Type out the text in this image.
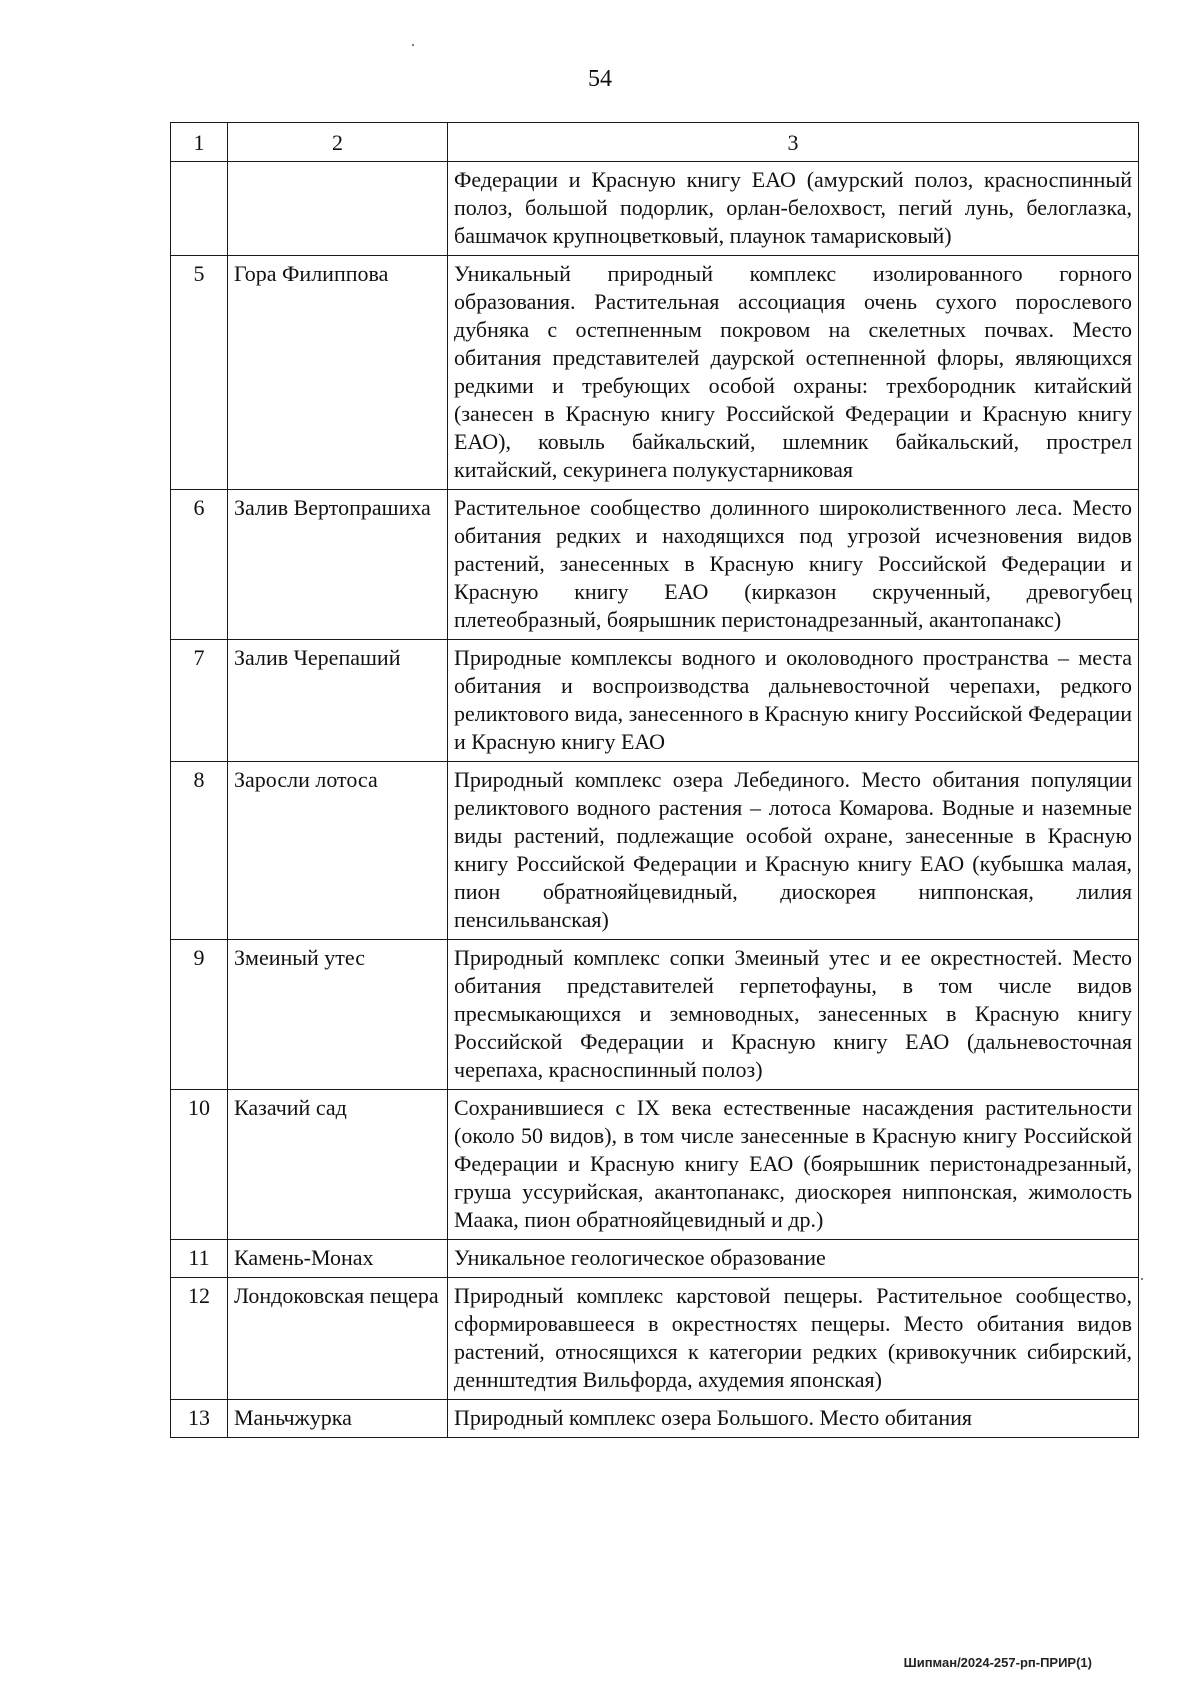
54
1	2	3
		Федерации и Красную книгу ЕАО (амурский полоз, красноспинный полоз, большой подорлик, орлан-белохвост, пегий лунь, белоглазка, башмачок крупноцветковый, плаунок тамарисковый)
5	Гора Филиппова	Уникальный природный комплекс изолированного горного образования. Растительная ассоциация очень сухого порослевого дубняка с остепненным покровом на скелетных почвах. Место обитания представителей даурской остепненной флоры, являющихся редкими и требующих особой охраны: трехбородник китайский (занесен в Красную книгу Российской Федерации и Красную книгу ЕАО), ковыль байкальский, шлемник байкальский, прострел китайский, секуринега полукустарниковая
6	Залив Вертопрашиха	Растительное сообщество долинного широколиственного леса. Место обитания редких и находящихся под угрозой исчезновения видов растений, занесенных в Красную книгу Российской Федерации и Красную книгу ЕАО (кирказон скрученный, древогубец плетеобразный, боярышник перистонадрезанный, акантопанакс)
7	Залив Черепаший	Природные комплексы водного и околоводного пространства – места обитания и воспроизводства дальневосточной черепахи, редкого реликтового вида, занесенного в Красную книгу Российской Федерации и Красную книгу ЕАО
8	Заросли лотоса	Природный комплекс озера Лебединого. Место обитания популяции реликтового водного растения – лотоса Комарова. Водные и наземные виды растений, подлежащие особой охране, занесенные в Красную книгу Российской Федерации и Красную книгу ЕАО (кубышка малая, пион обратнояйцевидный, диоскорея ниппонская, лилия пенсильванская)
9	Змеиный утес	Природный комплекс сопки Змеиный утес и ее окрестностей. Место обитания представителей герпетофауны, в том числе видов пресмыкающихся и земноводных, занесенных в Красную книгу Российской Федерации и Красную книгу ЕАО (дальневосточная черепаха, красноспинный полоз)
10	Казачий сад	Сохранившиеся с IX века естественные насаждения растительности (около 50 видов), в том числе занесенные в Красную книгу Российской Федерации и Красную книгу ЕАО (боярышник перистонадрезанный, груша уссурийская, акантопанакс, диоскорея ниппонская, жимолость Маака, пион обратнояйцевидный и др.)
11	Камень-Монах	Уникальное геологическое образование
12	Лондоковская пещера	Природный комплекс карстовой пещеры. Растительное сообщество, сформировавшееся в окрестностях пещеры. Место обитания видов растений, относящихся к категории редких (кривокучник сибирский, деннштедтия Вильфорда, ахудемия японская)
13	Маньчжурка	Природный комплекс озера Большого. Место обитания
Шипман/2024-257-рп-ПРИР(1)
